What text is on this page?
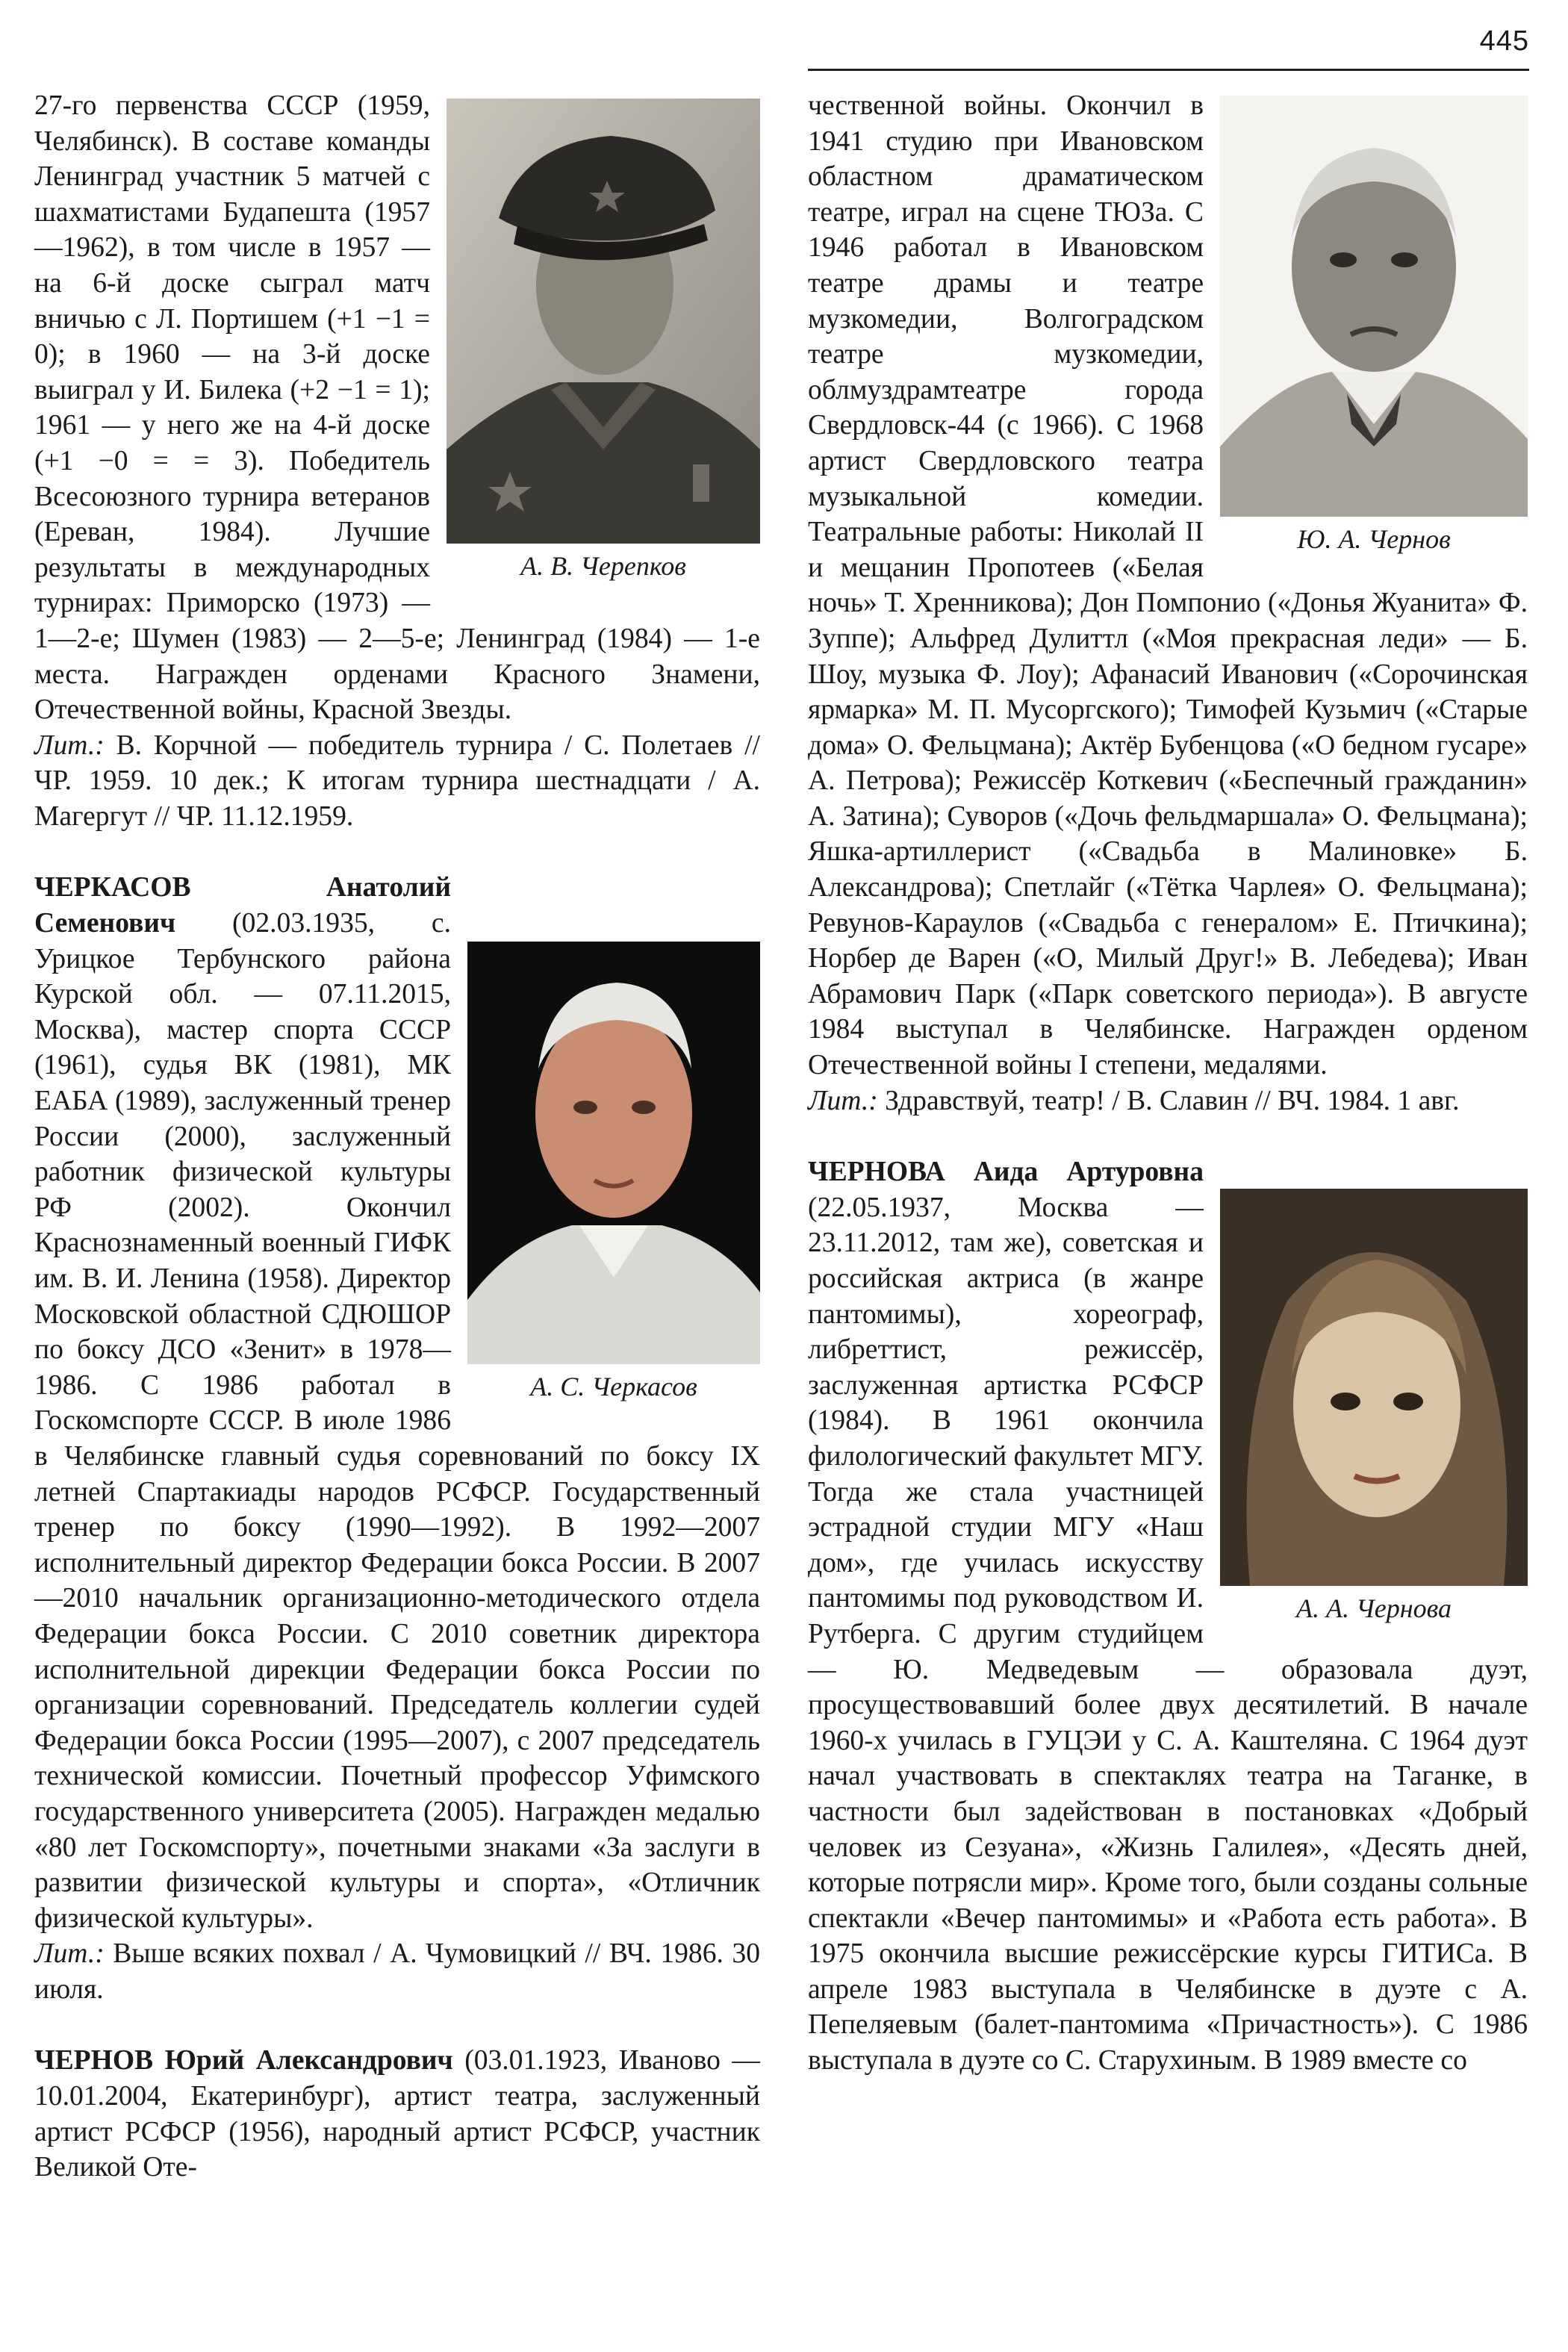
445
А. В. Черепков

27-го первенства СССР (1959, Челябинск). В составе команды Ленинград участник 5 матчей с шахматистами Будапешта (1957—1962), в том числе в 1957 — на 6-й доске сыграл матч вничью с Л. Портишем (+1 −1 = 0); в 1960 — на 3-й доске выиграл у И. Билека (+2 −1 = 1); 1961 — у него же на 4-й доске (+1 −0 = = 3). Победитель Всесоюзного турнира ветеранов (Ереван, 1984). Лучшие результаты в международных турнирах: Приморско (1973) — 1—2-е; Шумен (1983) — 2—5-е; Ленинград (1984) — 1-е места. Награжден орденами Красного Знамени, Отечественной войны, Красной Звезды.

Лит.: В. Корчной — победитель турнира / С. Полетаев // ЧР. 1959. 10 дек.; К итогам турнира шестнадцати / А. Магергут // ЧР. 11.12.1959.

А. С. Черкасов

ЧЕРКАСОВ Анатолий Семенович (02.03.1935, с. Урицкое Тербунского района Курской обл. — 07.11.2015, Москва), мастер спорта СССР (1961), судья ВК (1981), МК ЕАБА (1989), заслуженный тренер России (2000), заслуженный работник физической культуры РФ (2002). Окончил Краснознаменный военный ГИФК им. В. И. Ленина (1958). Директор Московской областной СДЮШОР по боксу ДСО «Зенит» в 1978—1986. С 1986 работал в Госкомспорте СССР. В июле 1986 в Челябинске главный судья соревнований по боксу IX летней Спартакиады народов РСФСР. Государственный тренер по боксу (1990—1992). В 1992—2007 исполнительный директор Федерации бокса России. В 2007—2010 начальник организационно-методического отдела Федерации бокса России. С 2010 советник директора исполнительной дирекции Федерации бокса России по организации соревнований. Председатель коллегии судей Федерации бокса России (1995—2007), с 2007 председатель технической комиссии. Почетный профессор Уфимского государственного университета (2005). Награжден медалью «80 лет Госкомспорту», почетными знаками «За заслуги в развитии физической культуры и спорта», «Отличник физической культуры».

Лит.: Выше всяких похвал / А. Чумовицкий // ВЧ. 1986. 30 июля.

ЧЕРНОВ Юрий Александрович (03.01.1923, Иваново — 10.01.2004, Екатеринбург), артист театра, заслуженный артист РСФСР (1956), народный артист РСФСР, участник Великой Оте-

Ю. А. Чернов

чественной войны. Окончил в 1941 студию при Ивановском областном драматическом театре, играл на сцене ТЮЗа. С 1946 работал в Ивановском театре драмы и театре музкомедии, Волгоградском театре музкомедии, облмуздрамтеатре города Свердловск-44 (с 1966). С 1968 артист Свердловского театра музыкальной комедии. Театральные работы: Николай II и мещанин Пропотеев («Белая ночь» Т. Хренникова); Дон Помпонио («Донья Жуанита» Ф. Зуппе); Альфред Дулиттл («Моя прекрасная леди» — Б. Шоу, музыка Ф. Лоу); Афанасий Иванович («Сорочинская ярмарка» М. П. Мусоргского); Тимофей Кузьмич («Старые дома» О. Фельцмана); Актёр Бубенцова («О бедном гусаре» А. Петрова); Режиссёр Коткевич («Беспечный гражданин» А. Затина); Суворов («Дочь фельдмаршала» О. Фельцмана); Яшка-артиллерист («Свадьба в Малиновке» Б. Александрова); Спетлайг («Тётка Чарлея» О. Фельцмана); Ревунов-Караулов («Свадьба с генералом» Е. Птичкина); Норбер де Варен («О, Милый Друг!» В. Лебедева); Иван Абрамович Парк («Парк советского периода»). В августе 1984 выступал в Челябинске. Награжден орденом Отечественной войны I степени, медалями.

Лит.: Здравствуй, театр! / В. Славин // ВЧ. 1984. 1 авг.

А. А. Чернова

ЧЕРНОВА Аида Артуровна (22.05.1937, Москва — 23.11.2012, там же), советская и российская актриса (в жанре пантомимы), хореограф, либреттист, режиссёр, заслуженная артистка РСФСР (1984). В 1961 окончила филологический факультет МГУ. Тогда же стала участницей эстрадной студии МГУ «Наш дом», где училась искусству пантомимы под руководством И. Рутберга. С другим студийцем — Ю. Медведевым — образовала дуэт, просуществовавший более двух десятилетий. В начале 1960-х училась в ГУЦЭИ у С. А. Каштеляна. С 1964 дуэт начал участвовать в спектаклях театра на Таганке, в частности был задействован в постановках «Добрый человек из Сезуана», «Жизнь Галилея», «Десять дней, которые потрясли мир». Кроме того, были созданы сольные спектакли «Вечер пантомимы» и «Работа есть работа». В 1975 окончила высшие режиссёрские курсы ГИТИСа. В апреле 1983 выступала в Челябинске в дуэте с А. Пепеляевым (балет-пантомима «Причастность»). С 1986 выступала в дуэте со С. Старухиным. В 1989 вместе со
